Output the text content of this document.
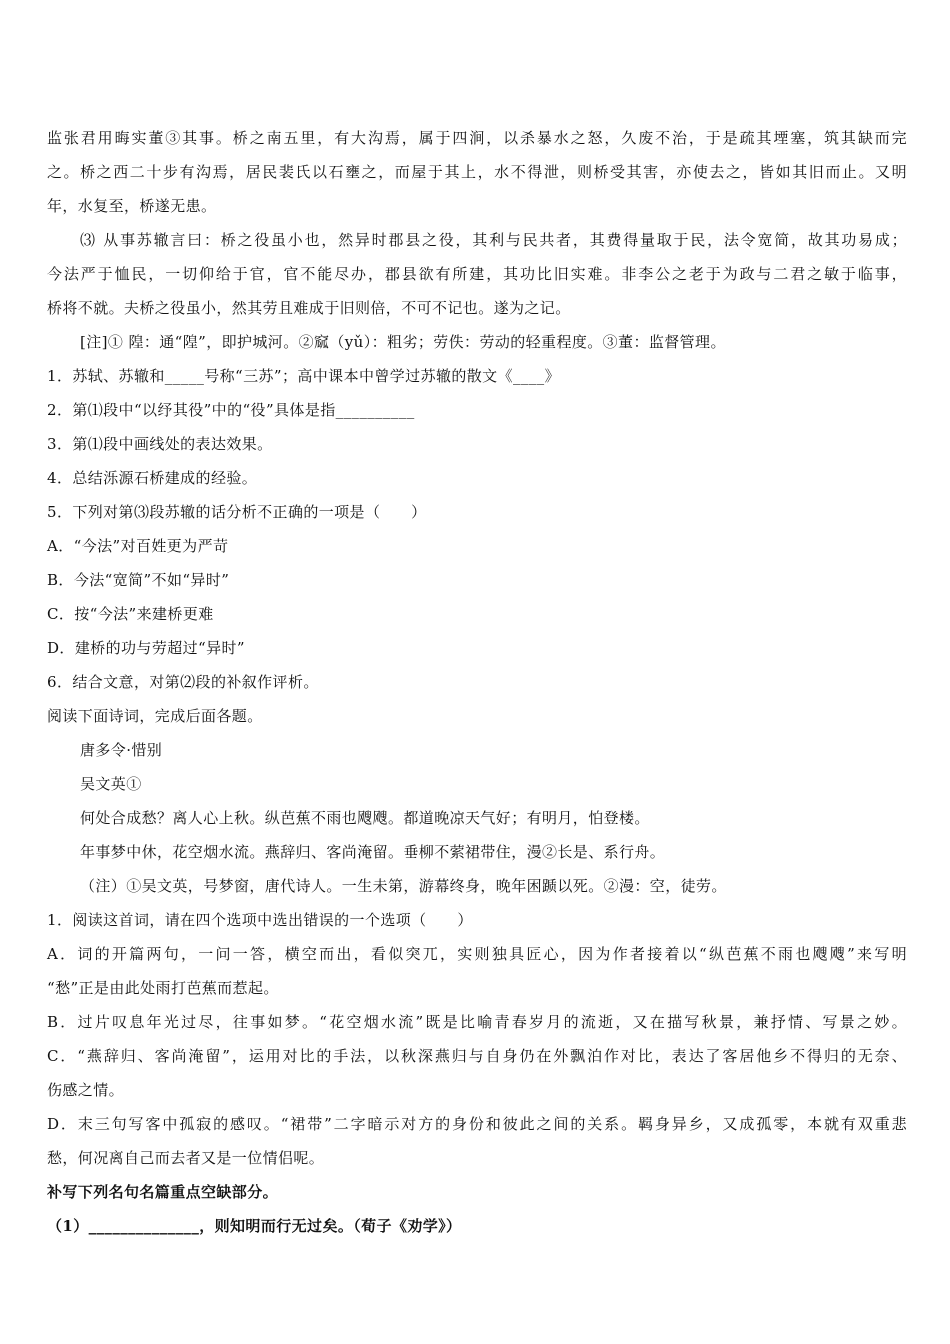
监张君用晦实董③其事。桥之南五里，有大沟焉，属于四涧，以杀暴水之怒，久废不治，于是疏其堙塞，筑其缺而完
之。桥之西二十步有沟焉，居民裴氏以石壅之，而屋于其上，水不得泄，则桥受其害，亦使去之，皆如其旧而止。又明
年，水复至，桥遂无患。
⑶ 从事苏辙言曰：桥之役虽小也，然异时郡县之役，其利与民共者，其费得量取于民，法令宽简，故其功易成；
今法严于恤民，一切仰给于官，官不能尽办，郡县欲有所建，其功比旧实难。非李公之老于为政与二君之敏于临事，
桥将不就。夫桥之役虽小，然其劳且难成于旧则倍，不可不记也。遂为之记。
[注]① 隍：通“隍”，即护城河。②窳（yǔ）：粗劣；劳佚：劳动的轻重程度。③董：监督管理。
1．苏轼、苏辙和_____号称“三苏”；高中课本中曾学过苏辙的散文《____》
2．第⑴段中“以纾其役”中的“役”具体是指__________
3．第⑴段中画线处的表达效果。
4．总结泺源石桥建成的经验。
5．下列对第⑶段苏辙的话分析不正确的一项是（　　）
A．“今法”对百姓更为严苛
B．今法“宽简”不如“异时”
C．按“今法”来建桥更难
D．建桥的功与劳超过“异时”
6．结合文意，对第⑵段的补叙作评析。
阅读下面诗词，完成后面各题。
唐多令·惜别
吴文英①
何处合成愁？离人心上秋。纵芭蕉不雨也飕飕。都道晚凉天气好；有明月，怕登楼。
年事梦中休，花空烟水流。燕辞归、客尚淹留。垂柳不萦裙带住，漫②长是、系行舟。
（注）①吴文英，号梦窗，唐代诗人。一生未第，游幕终身，晚年困踬以死。②漫：空，徒劳。
1．阅读这首词，请在四个选项中选出错误的一个选项（　　）
A．词的开篇两句，一问一答，横空而出，看似突兀，实则独具匠心，因为作者接着以“纵芭蕉不雨也飕飕”来写明
“愁”正是由此处雨打芭蕉而惹起。
B．过片叹息年光过尽，往事如梦。“花空烟水流”既是比喻青春岁月的流逝，又在描写秋景，兼抒情、写景之妙。
C．“燕辞归、客尚淹留”，运用对比的手法，以秋深燕归与自身仍在外飘泊作对比，表达了客居他乡不得归的无奈、
伤感之情。
D．末三句写客中孤寂的感叹。“裙带”二字暗示对方的身份和彼此之间的关系。羁身异乡，又成孤零，本就有双重悲
愁，何况离自己而去者又是一位情侣呢。
补写下列名句名篇重点空缺部分。
（1）______________，则知明而行无过矣。（荀子《劝学》）
